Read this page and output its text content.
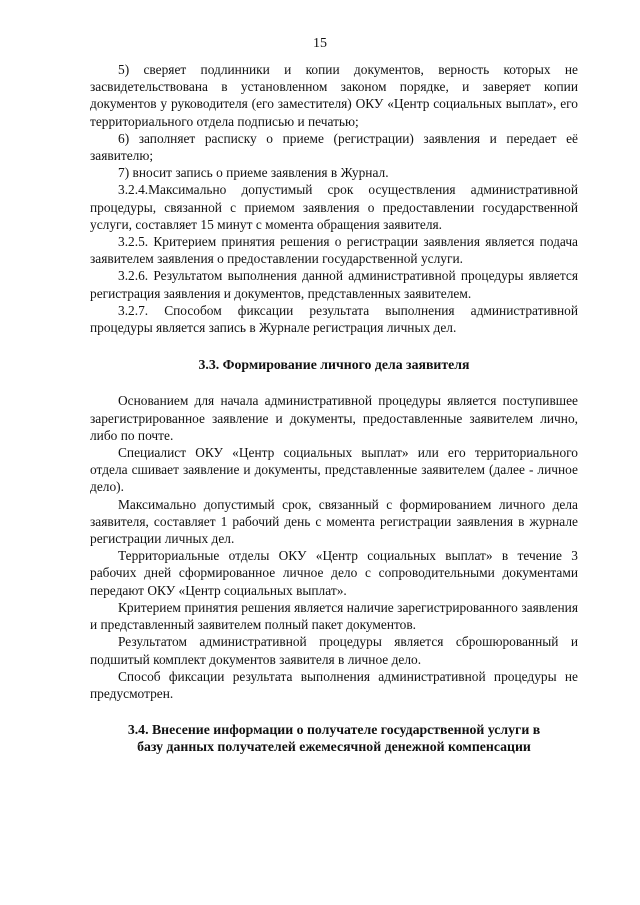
15

5) сверяет подлинники и копии документов, верность которых не засвидетельствована в установленном законом порядке, и заверяет копии документов у руководителя (его заместителя) ОКУ «Центр социальных выплат», его территориального отдела подписью и печатью;

6) заполняет расписку о приеме (регистрации) заявления и передает её заявителю;

7) вносит запись о приеме заявления в Журнал.

3.2.4.Максимально допустимый срок осуществления административной процедуры, связанной с приемом заявления о предоставлении государственной услуги, составляет 15 минут с момента обращения заявителя.

3.2.5. Критерием принятия решения о регистрации заявления является подача заявителем заявления о предоставлении государственной услуги.

3.2.6. Результатом выполнения данной административной процедуры является регистрация заявления и документов, представленных заявителем.

3.2.7. Способом фиксации результата выполнения административной процедуры является запись в Журнале регистрация личных дел.

3.3. Формирование личного дела заявителя

Основанием для начала административной процедуры является поступившее зарегистрированное заявление и документы, предоставленные заявителем лично, либо по почте.

Специалист ОКУ «Центр социальных выплат» или его территориального отдела сшивает заявление и документы, представленные заявителем (далее - личное дело).

Максимально допустимый срок, связанный с формированием личного дела заявителя, составляет 1 рабочий день с момента регистрации заявления в журнале регистрации личных дел.

Территориальные отделы ОКУ «Центр социальных выплат» в течение 3 рабочих дней сформированное личное дело с сопроводительными документами передают ОКУ «Центр социальных выплат».

Критерием принятия решения является наличие зарегистрированного заявления и представленный заявителем полный пакет документов.

Результатом административной процедуры является сброшюрованный и подшитый комплект документов заявителя в личное дело.

Способ фиксации результата выполнения административной процедуры не предусмотрен.

3.4. Внесение информации о получателе государственной услуги в
базу данных получателей ежемесячной денежной компенсации
